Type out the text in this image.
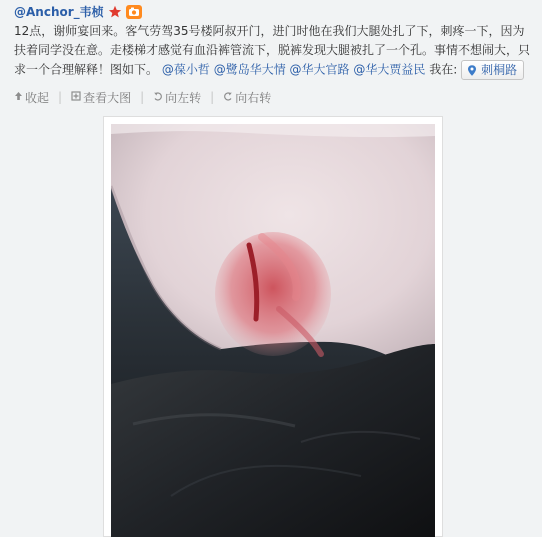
@Anchor_韦桢
12点，谢师宴回来。客气劳驾35号楼阿叔开门，进门时他在我们大腿处扎了下，刺疼一下，因为扶着同学没在意。走楼梯才感觉有血沿裤管流下，脱裤发现大腿被扎了一个孔。事情不想闹大，只求一个合理解释！图如下。 @葆小哲 @鹭岛华大情 @华大官路 @华大贾益民 我在: 刺桐路
收起 | 查看大图 | 向左转 | 向右转
